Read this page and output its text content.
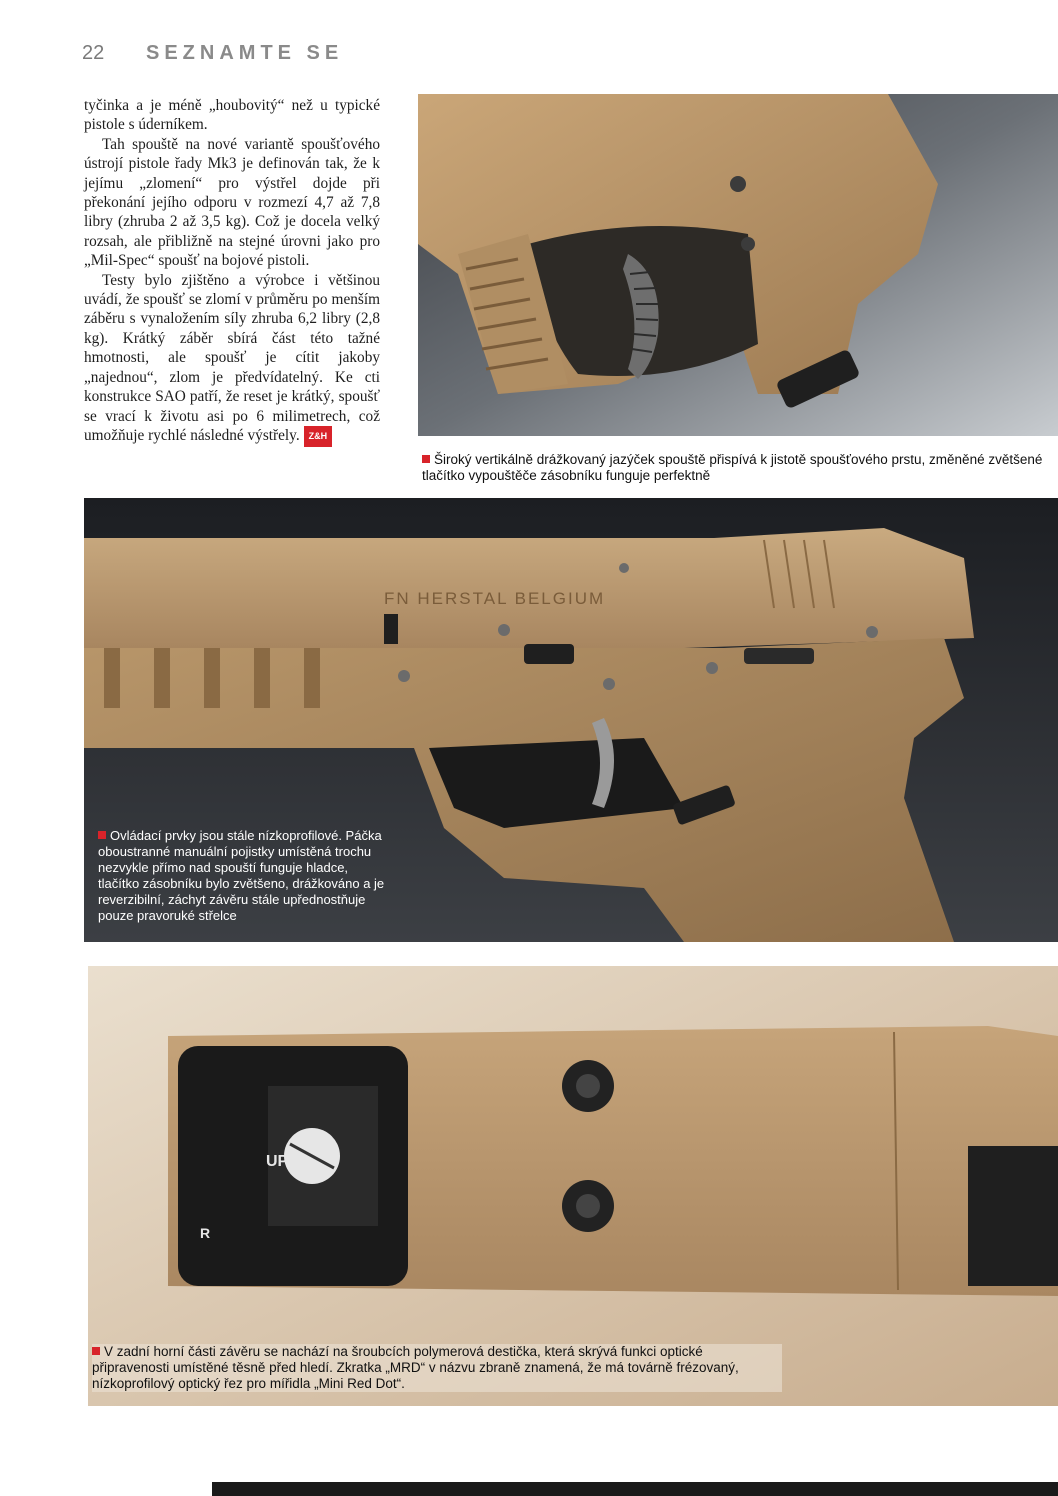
22 SEZNAMTE SE

tyčinka a je méně „houbovitý“ než u typické pistole s úderníkem.

Tah spouště na nové variantě spoušťového ústrojí pistole řady Mk3 je definován tak, že k jejímu „zlomení“ pro výstřel dojde při překonání jejího odporu v rozmezí 4,7 až 7,8 libry (zhruba 2 až 3,5 kg). Což je docela velký rozsah, ale přibližně na stejné úrovni jako pro „Mil-Spec“ spoušť na bojové pistoli.

Testy bylo zjištěno a výrobce i většinou uvádí, že spoušť se zlomí v průměru po menším záběru s vynaložením síly zhruba 6,2 libry (2,8 kg). Krátký záběr sbírá část této tažné hmotnosti, ale spoušť je cítit jakoby „najednou“, zlom je předvídatelný. Ke cti konstrukce SAO patří, že reset je krátký, spoušť se vrací k životu asi po 6 milimetrech, což umožňuje rychlé následné výstřely. Z&H

Široký vertikálně drážkovaný jazýček spouště přispívá k jistotě spoušťového prstu, změněné zvětšené tlačítko vypouštěče zásobníku funguje perfektně
FN HERSTAL BELGIUM
Ovládací prvky jsou stále nízkoprofilové. Páčka oboustranné manuální pojistky umístěná trochu nezvykle přímo nad spouští funguje hladce, tlačítko zásobníku bylo zvětšeno, drážkováno a je reverzibilní, záchyt závěru stále upřednostňuje pouze pravoruké střelce
UP
R
V zadní horní části závěru se nachází na šroubcích polymerová destička, která skrývá funkci optické připravenosti umístěné těsně před hledí. Zkratka „MRD“ v názvu zbraně znamená, že má továrně frézovaný, nízkoprofilový optický řez pro mířidla „Mini Red Dot“.
